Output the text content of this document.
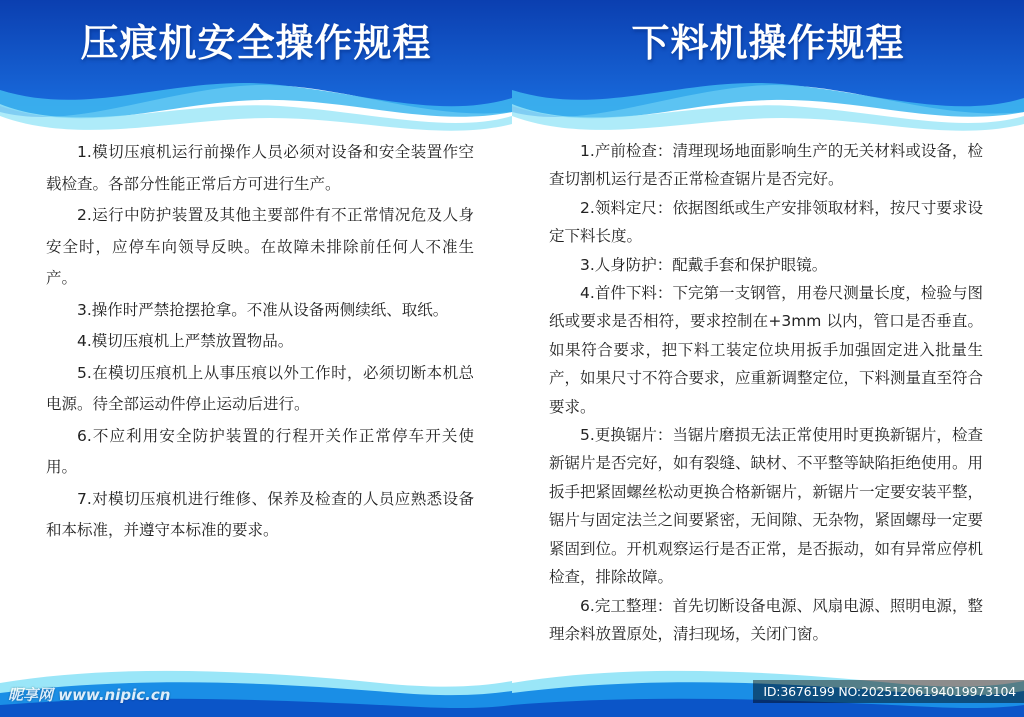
压痕机安全操作规程

1.模切压痕机运行前操作人员必须对设备和安全装置作空载检查。各部分性能正常后方可进行生产。

2.运行中防护装置及其他主要部件有不正常情况危及人身安全时，应停车向领导反映。在故障未排除前任何人不准生产。

3.操作时严禁抢摆抢拿。不准从设备两侧续纸、取纸。

4.模切压痕机上严禁放置物品。

5.在模切压痕机上从事压痕以外工作时，必须切断本机总电源。待全部运动件停止运动后进行。

6.不应利用安全防护装置的行程开关作正常停车开关使用。

7.对模切压痕机进行维修、保养及检查的人员应熟悉设备和本标准，并遵守本标准的要求。

昵享网 www.nipic.cn
下料机操作规程

1.产前检查：清理现场地面影响生产的无关材料或设备，检查切割机运行是否正常检查锯片是否完好。

2.领料定尺：依据图纸或生产安排领取材料，按尺寸要求设定下料长度。

3.人身防护：配戴手套和保护眼镜。

4.首件下料：下完第一支钢管，用卷尺测量长度，检验与图纸或要求是否相符，要求控制在+3mm 以内，管口是否垂直。如果符合要求，把下料工装定位块用扳手加强固定进入批量生产，如果尺寸不符合要求，应重新调整定位，下料测量直至符合要求。

5.更换锯片：当锯片磨损无法正常使用时更换新锯片，检查新锯片是否完好，如有裂缝、缺材、不平整等缺陷拒绝使用。用扳手把紧固螺丝松动更换合格新锯片，新锯片一定要安装平整，锯片与固定法兰之间要紧密，无间隙、无杂物，紧固螺母一定要紧固到位。开机观察运行是否正常，是否振动，如有异常应停机检查，排除故障。

6.完工整理：首先切断设备电源、风扇电源、照明电源，整理余料放置原处，清扫现场，关闭门窗。

ID:3676199 NO:20251206194019973104
